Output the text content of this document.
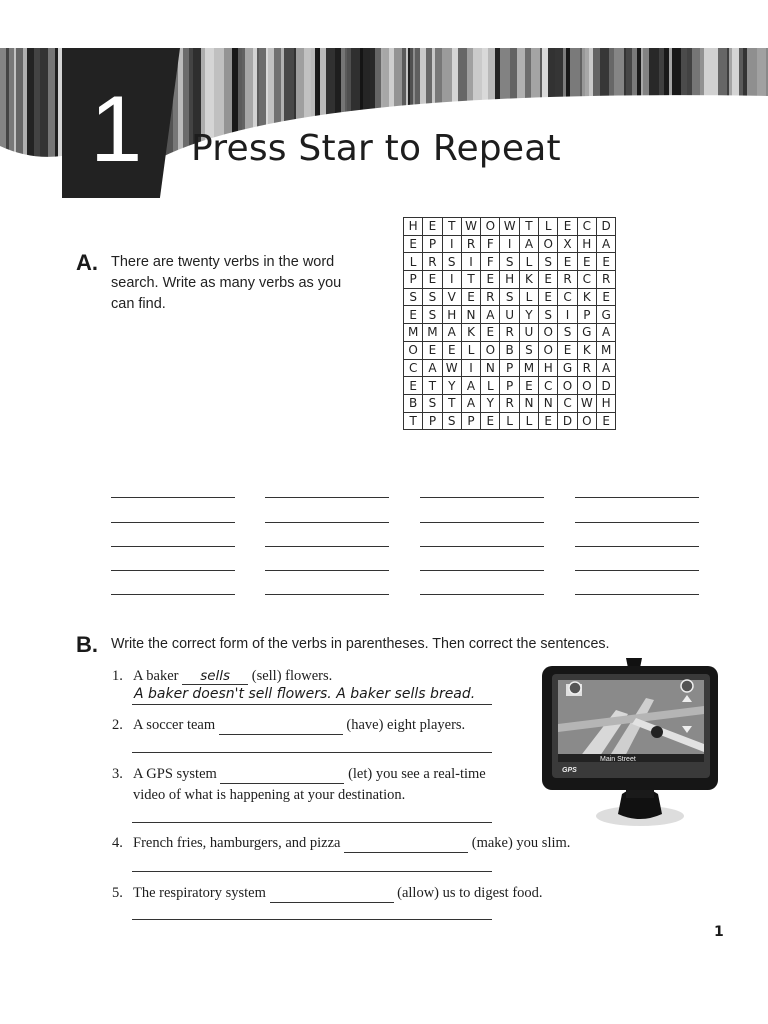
1 Press Star to Repeat
A. There are twenty verbs in the word
search. Write as many verbs as you
can find.
H	E	T	W	O	W	T	L	E	C	D
E	P	I	R	F	I	A	O	X	H	A
L	R	S	I	F	S	L	S	E	E	E
P	E	I	T	E	H	K	E	R	C	R
S	S	V	E	R	S	L	E	C	K	E
E	S	H	N	A	U	Y	S	I	P	G
M	M	A	K	E	R	U	O	S	G	A
O	E	E	L	O	B	S	O	E	K	M
C	A	W	I	N	P	M	H	G	R	A
E	T	Y	A	L	P	E	C	O	O	D
B	S	T	A	Y	R	N	N	C	W	H
T	P	S	P	E	L	L	E	D	O	E
B. Write the correct form of the verbs in parentheses. Then correct the sentences.
1. A baker sells (sell) flowers.
A baker doesn't sell flowers. A baker sells bread.
2. A soccer team	(have) eight players.
3. A GPS system	(let) you see a real-time
video of what is happening at your destination.
4. French fries, hamburgers, and pizza	(make) you slim.
5. The respiratory system	(allow) us to digest food.
GPS
Main Street
1
